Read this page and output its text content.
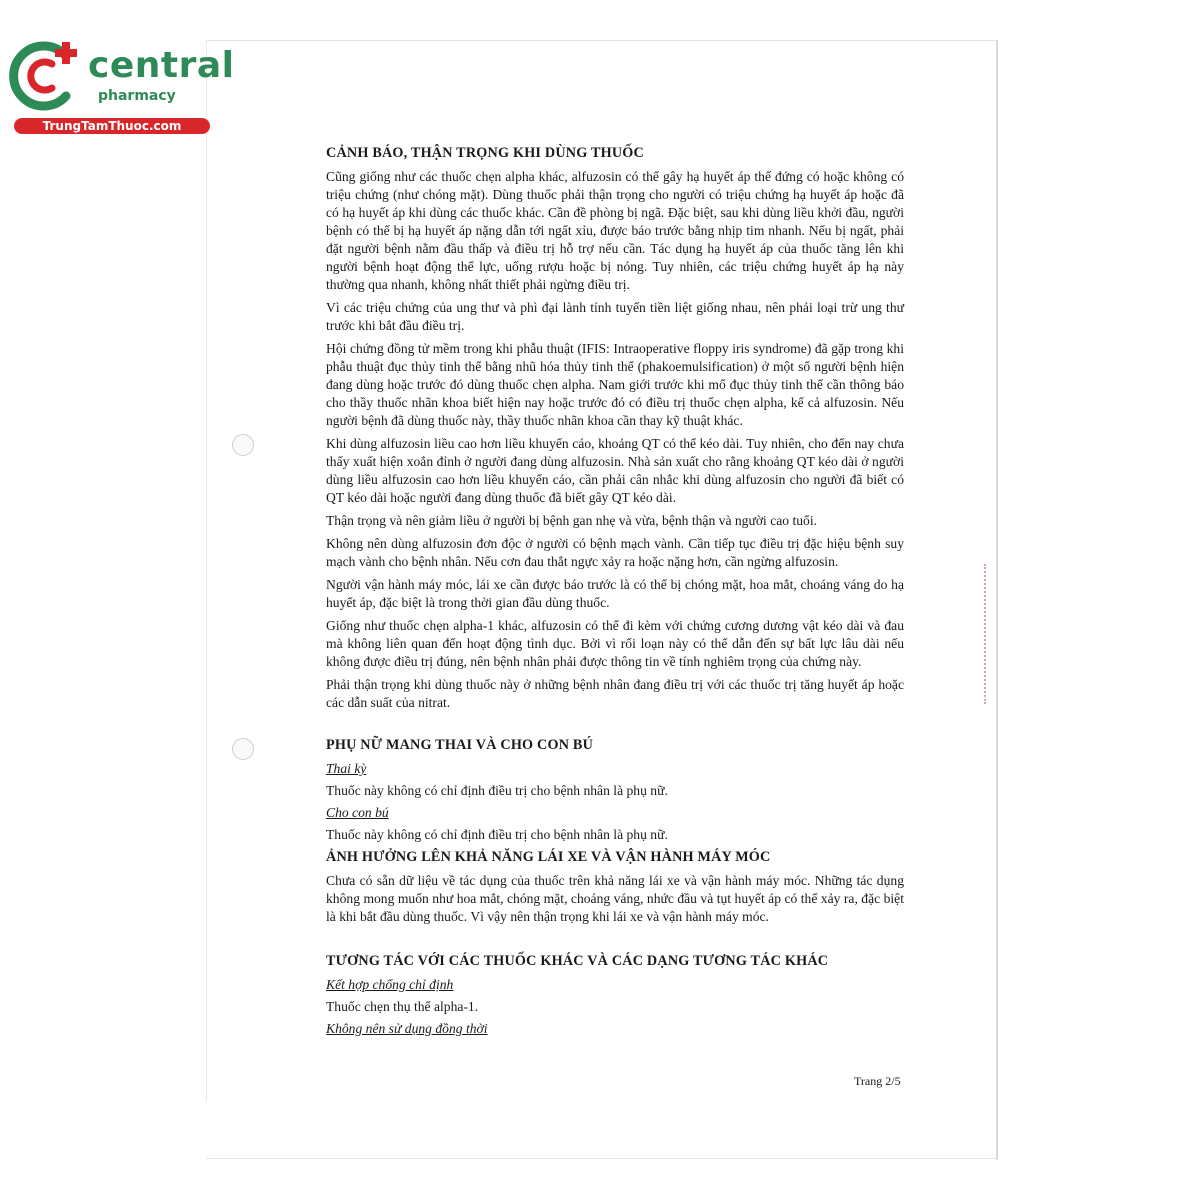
central
pharmacy
TrungTamThuoc.com
CẢNH BÁO, THẬN TRỌNG KHI DÙNG THUỐC

Cũng giống như các thuốc chẹn alpha khác, alfuzosin có thể gây hạ huyết áp thế đứng có hoặc không có triệu chứng (như chóng mặt). Dùng thuốc phải thận trọng cho người có triệu chứng hạ huyết áp hoặc đã có hạ huyết áp khi dùng các thuốc khác. Cần đề phòng bị ngã. Đặc biệt, sau khi dùng liều khởi đầu, người bệnh có thể bị hạ huyết áp nặng dẫn tới ngất xỉu, được báo trước bằng nhịp tim nhanh. Nếu bị ngất, phải đặt người bệnh nằm đầu thấp và điều trị hỗ trợ nếu cần. Tác dụng hạ huyết áp của thuốc tăng lên khi người bệnh hoạt động thể lực, uống rượu hoặc bị nóng. Tuy nhiên, các triệu chứng huyết áp hạ này thường qua nhanh, không nhất thiết phải ngừng điều trị.

Vì các triệu chứng của ung thư và phì đại lành tính tuyến tiền liệt giống nhau, nên phải loại trừ ung thư trước khi bắt đầu điều trị.

Hội chứng đồng tử mềm trong khi phẫu thuật (IFIS: Intraoperative floppy iris syndrome) đã gặp trong khi phẫu thuật đục thủy tinh thể bằng nhũ hóa thủy tinh thể (phakoemulsification) ở một số người bệnh hiện đang dùng hoặc trước đó dùng thuốc chẹn alpha. Nam giới trước khi mổ đục thủy tinh thể cần thông báo cho thầy thuốc nhãn khoa biết hiện nay hoặc trước đó có điều trị thuốc chẹn alpha, kể cả alfuzosin. Nếu người bệnh đã dùng thuốc này, thầy thuốc nhãn khoa cần thay kỹ thuật khác.

Khi dùng alfuzosin liều cao hơn liều khuyến cáo, khoảng QT có thể kéo dài. Tuy nhiên, cho đến nay chưa thấy xuất hiện xoắn đỉnh ở người đang dùng alfuzosin. Nhà sản xuất cho rằng khoảng QT kéo dài ở người dùng liều alfuzosin cao hơn liều khuyến cáo, cần phải cân nhắc khi dùng alfuzosin cho người đã biết có QT kéo dài hoặc người đang dùng thuốc đã biết gây QT kéo dài.

Thận trọng và nên giảm liều ở người bị bệnh gan nhẹ và vừa, bệnh thận và người cao tuổi.

Không nên dùng alfuzosin đơn độc ở người có bệnh mạch vành. Cần tiếp tục điều trị đặc hiệu bệnh suy mạch vành cho bệnh nhân. Nếu cơn đau thắt ngực xảy ra hoặc nặng hơn, cần ngừng alfuzosin.

Người vận hành máy móc, lái xe cần được báo trước là có thể bị chóng mặt, hoa mắt, choáng váng do hạ huyết áp, đặc biệt là trong thời gian đầu dùng thuốc.

Giống như thuốc chẹn alpha-1 khác, alfuzosin có thể đi kèm với chứng cương dương vật kéo dài và đau mà không liên quan đến hoạt động tình dục. Bởi vì rối loạn này có thể dẫn đến sự bất lực lâu dài nếu không được điều trị đúng, nên bệnh nhân phải được thông tin về tính nghiêm trọng của chứng này.

Phải thận trọng khi dùng thuốc này ở những bệnh nhân đang điều trị với các thuốc trị tăng huyết áp hoặc các dẫn suất của nitrat.

PHỤ NỮ MANG THAI VÀ CHO CON BÚ
Thai kỳ
Thuốc này không có chỉ định điều trị cho bệnh nhân là phụ nữ.
Cho con bú
Thuốc này không có chỉ định điều trị cho bệnh nhân là phụ nữ.
ẢNH HƯỞNG LÊN KHẢ NĂNG LÁI XE VÀ VẬN HÀNH MÁY MÓC

Chưa có sẵn dữ liệu về tác dụng của thuốc trên khả năng lái xe và vận hành máy móc. Những tác dụng không mong muốn như hoa mắt, chóng mặt, choáng váng, nhức đầu và tụt huyết áp có thể xảy ra, đặc biệt là khi bắt đầu dùng thuốc. Vì vậy nên thận trọng khi lái xe và vận hành máy móc.

TƯƠNG TÁC VỚI CÁC THUỐC KHÁC VÀ CÁC DẠNG TƯƠNG TÁC KHÁC
Kết hợp chống chỉ định
Thuốc chẹn thụ thể alpha-1.
Không nên sử dụng đồng thời
Trang 2/5
